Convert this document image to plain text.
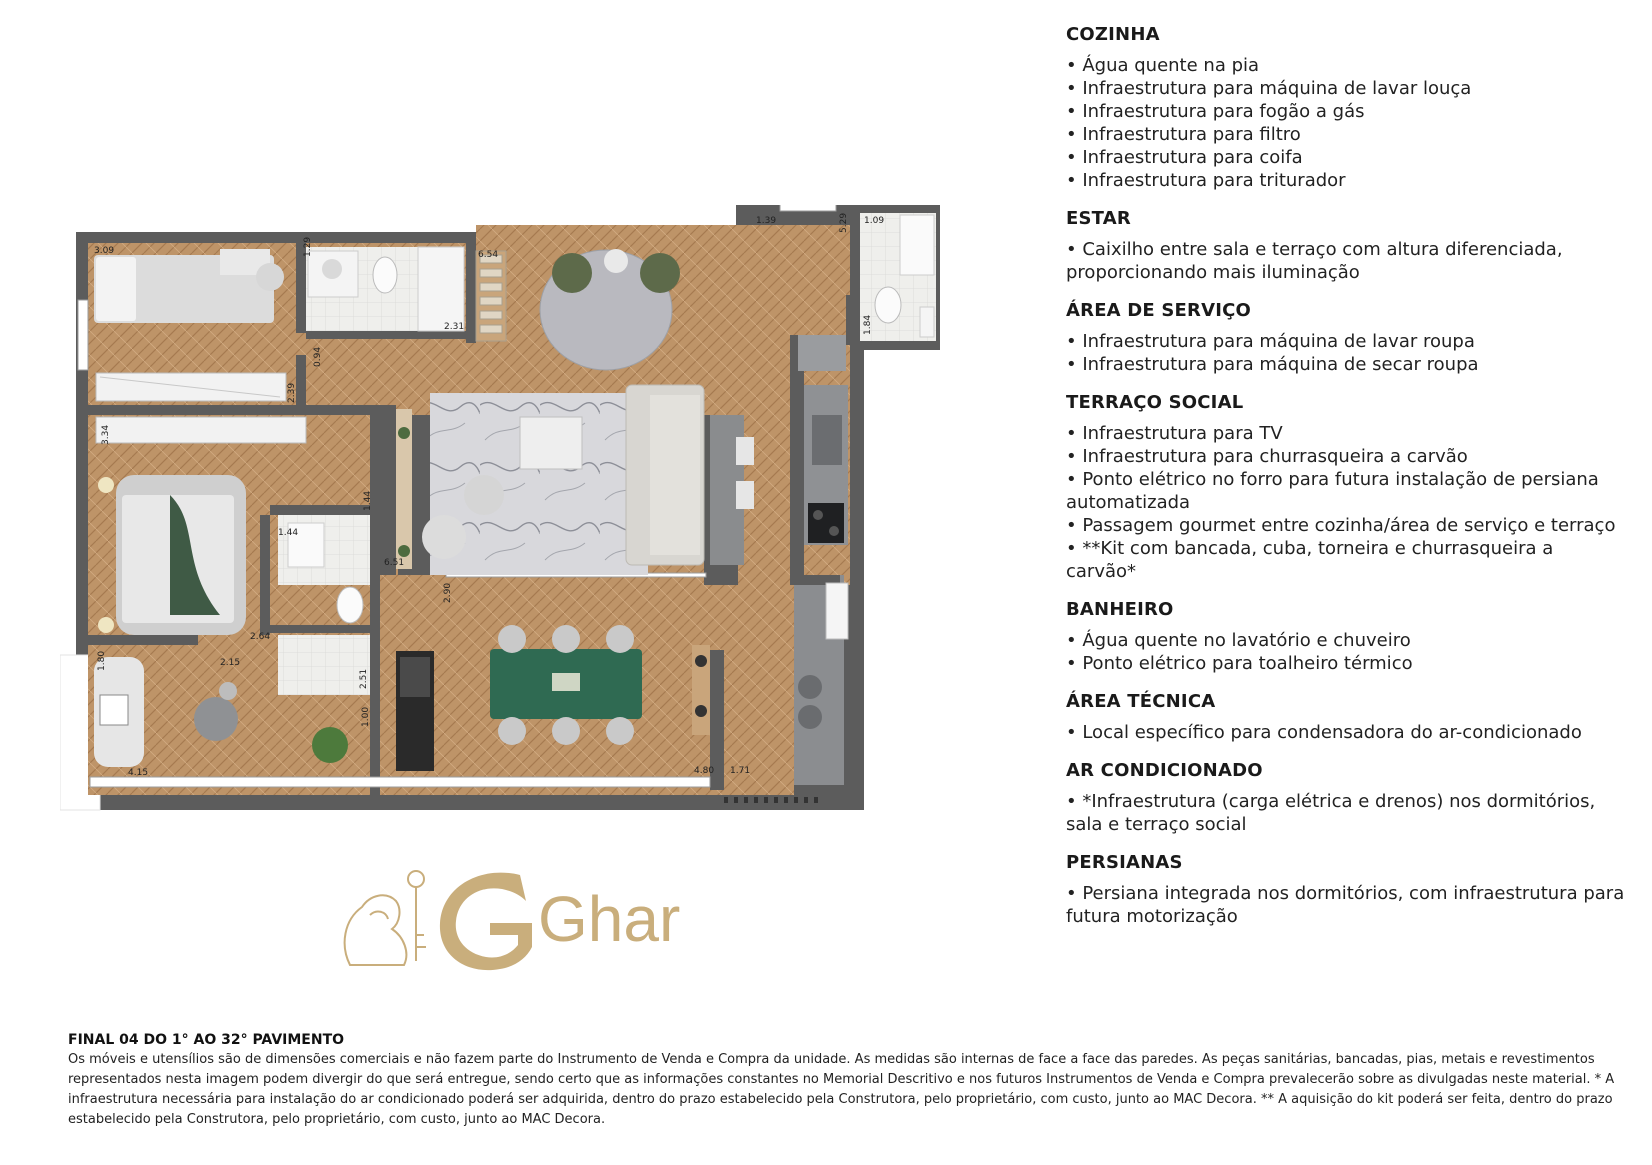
3.09	1.29	6.54
2.31
1.39	5.29 1.09
1.84
0.94
2.39
3.34
1.44
1.44
6.51
2.64
2.90
2.15
1.80
2.51
1.00
4.15	4.80 1.71
Ghar
COZINHA
• Água quente na pia
• Infraestrutura para máquina de lavar louça
• Infraestrutura para fogão a gás
• Infraestrutura para filtro
• Infraestrutura para coifa
• Infraestrutura para triturador
ESTAR
• Caixilho entre sala e terraço com altura diferenciada, proporcionando mais iluminação
ÁREA DE SERVIÇO
• Infraestrutura para máquina de lavar roupa
• Infraestrutura para máquina de secar roupa
TERRAÇO SOCIAL
• Infraestrutura para TV
• Infraestrutura para churrasqueira a carvão
• Ponto elétrico no forro para futura instalação de persiana automatizada
• Passagem gourmet entre cozinha/área de serviço e terraço
• **Kit com bancada, cuba, torneira e churrasqueira a carvão*
BANHEIRO
• Água quente no lavatório e chuveiro
• Ponto elétrico para toalheiro térmico
ÁREA TÉCNICA
• Local específico para condensadora do ar-condicionado
AR CONDICIONADO
• *Infraestrutura (carga elétrica e drenos) nos dormitórios, sala e terraço social
PERSIANAS
• Persiana integrada nos dormitórios, com infraestrutura para futura motorização
FINAL 04 DO 1° AO 32° PAVIMENTO

Os móveis e utensílios são de dimensões comerciais e não fazem parte do Instrumento de Venda e Compra da unidade. As medidas são internas de face a face das paredes. As peças sanitárias, bancadas, pias, metais e revestimentos representados nesta imagem podem divergir do que será entregue, sendo certo que as informações constantes no Memorial Descritivo e nos futuros Instrumentos de Venda e Compra prevalecerão sobre as divulgadas neste material. * A infraestrutura necessária para instalação do ar condicionado poderá ser adquirida, dentro do prazo estabelecido pela Construtora, pelo proprietário, com custo, junto ao MAC Decora. ** A aquisição do kit poderá ser feita, dentro do prazo estabelecido pela Construtora, pelo proprietário, com custo, junto ao MAC Decora.
